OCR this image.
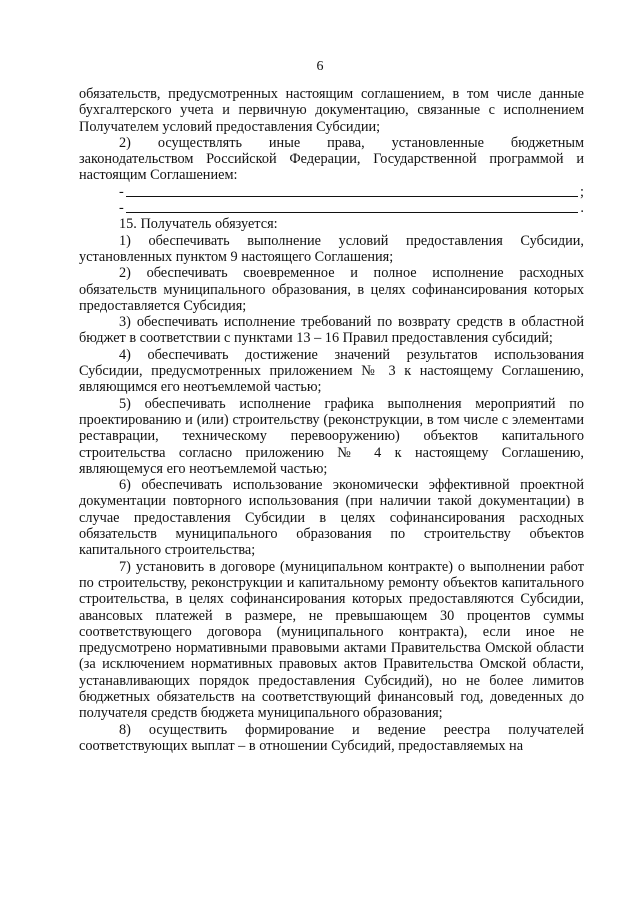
6

обязательств, предусмотренных настоящим соглашением, в том числе данные бухгалтерского учета и первичную документацию, связанные с исполнением Получателем условий предоставления Субсидии;

2) осуществлять иные права, установленные бюджетным законодательством Российской Федерации, Государственной программой и настоящим Соглашением:

-	;
-	.

15. Получатель обязуется:

1) обеспечивать выполнение условий предоставления Субсидии, установленных пунктом 9 настоящего Соглашения;

2) обеспечивать своевременное и полное исполнение расходных обязательств муниципального образования, в целях софинансирования которых предоставляется Субсидия;

3) обеспечивать исполнение требований по возврату средств в областной бюджет в соответствии с пунктами 13 – 16 Правил предоставления субсидий;

4) обеспечивать достижение значений результатов использования Субсидии, предусмотренных приложением № 3 к настоящему Соглашению, являющимся его неотъемлемой частью;

5) обеспечивать исполнение графика выполнения мероприятий по проектированию и (или) строительству (реконструкции, в том числе с элементами реставрации, техническому перевооружению) объектов капитального строительства согласно приложению № 4 к настоящему Соглашению, являющемуся его неотъемлемой частью;

6) обеспечивать использование экономически эффективной проектной документации повторного использования (при наличии такой документации) в случае предоставления Субсидии в целях софинансирования расходных обязательств муниципального образования по строительству объектов капитального строительства;

7) установить в договоре (муниципальном контракте) о выполнении работ по строительству, реконструкции и капитальному ремонту объектов капитального строительства, в целях софинансирования которых предоставляются Субсидии, авансовых платежей в размере, не превышающем 30 процентов суммы соответствующего договора (муниципального контракта), если иное не предусмотрено нормативными правовыми актами Правительства Омской области (за исключением нормативных правовых актов Правительства Омской области, устанавливающих порядок предоставления Субсидий), но не более лимитов бюджетных обязательств на соответствующий финансовый год, доведенных до получателя средств бюджета муниципального образования;

8) осуществить формирование и ведение реестра получателей соответствующих выплат – в отношении Субсидий, предоставляемых на
